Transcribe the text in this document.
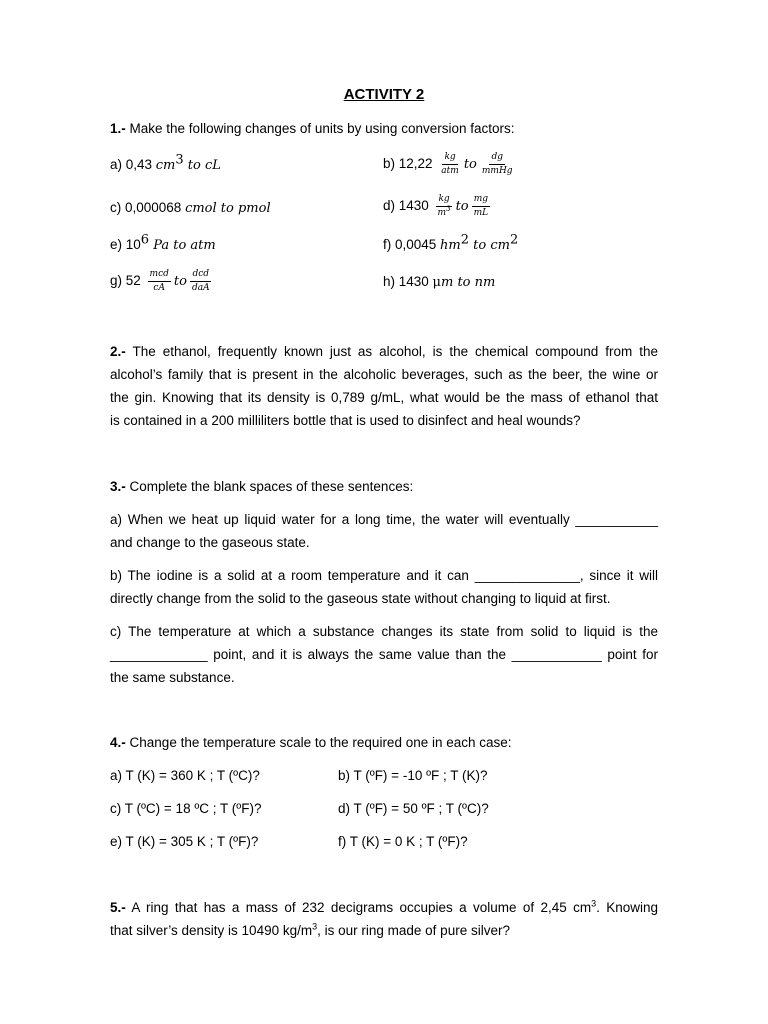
ACTIVITY 2
1.- Make the following changes of units by using conversion factors:
a) 0,43 $cm^3$ to cL	b) $12,22 \frac{kg}{\text{atm}}$ to $\frac{dg}{\text{mmHg}}$
c) 0,000068 cmol to pmol	d) $1430 \frac{kg}{m^3}$ to $\frac{mg}{mL}$
e) $10^6$ Pa to atm	f) 0,0045 $hm^2$ to $cm^2$
g) $52 \frac{\text{mcd}}{cA}$ to $\frac{\text{dcd}}{\text{daA}}$	h) 1430 μm to nm
2.- The ethanol, frequently known just as alcohol, is the chemical compound from the
alcohol’s family that is present in the alcoholic beverages, such as the beer, the wine or
the gin. Knowing that its density is 0,789 g/mL, what would be the mass of ethanol that
is contained in a 200 milliliters bottle that is used to disinfect and heal wounds?
3.- Complete the blank spaces of these sentences:
a) When we heat up liquid water for a long time, the water will eventually ___________
and change to the gaseous state.
b) The iodine is a solid at a room temperature and it can ______________, since it will
directly change from the solid to the gaseous state without changing to liquid at first.
c) The temperature at which a substance changes its state from solid to liquid is the
_____________ point, and it is always the same value than the ____________ point for
the same substance.
4.- Change the temperature scale to the required one in each case:
a) T (K) = 360 K ; T (ºC)?	b) T (ºF) = -10 ºF ; T (K)?
c) T (ºC) = 18 ºC ; T (ºF)?	d) T (ºF) = 50 ºF ; T (ºC)?
e) T (K) = 305 K ; T (ºF)?	f) T (K) = 0 K ; T (ºF)?
5.- A ring that has a mass of 232 decigrams occupies a volume of 2,45 $cm^3$. Knowing
that silver’s density is 10490 $kg/m^3$, is our ring made of pure silver?
